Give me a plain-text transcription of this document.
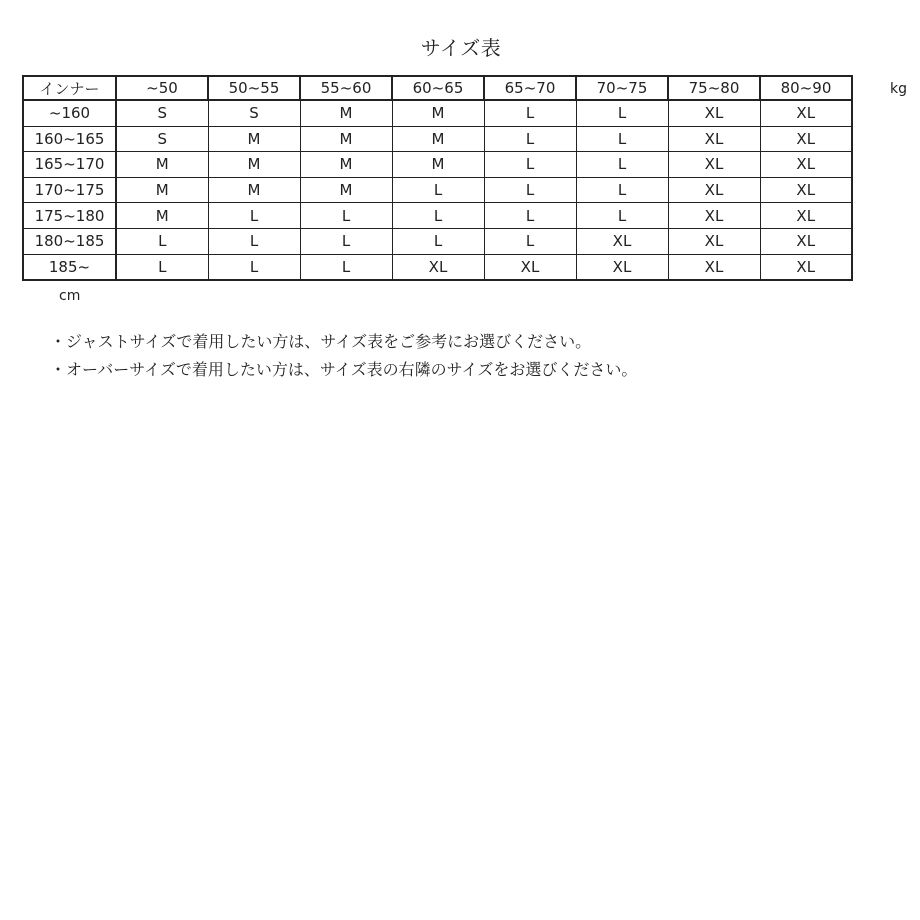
サイズ表
インナー	~50	50~55	55~60	60~65	65~70	70~75	75~80	80~90
~160	S	S	M	M	L	L	XL	XL
160~165	S	M	M	M	L	L	XL	XL
165~170	M	M	M	M	L	L	XL	XL
170~175	M	M	M	L	L	L	XL	XL
175~180	M	L	L	L	L	L	XL	XL
180~185	L	L	L	L	L	XL	XL	XL
185~	L	L	L	XL	XL	XL	XL	XL
kg
cm
・ジャストサイズで着用したい方は、サイズ表をご参考にお選びください。
・オーバーサイズで着用したい方は、サイズ表の右隣のサイズをお選びください。
